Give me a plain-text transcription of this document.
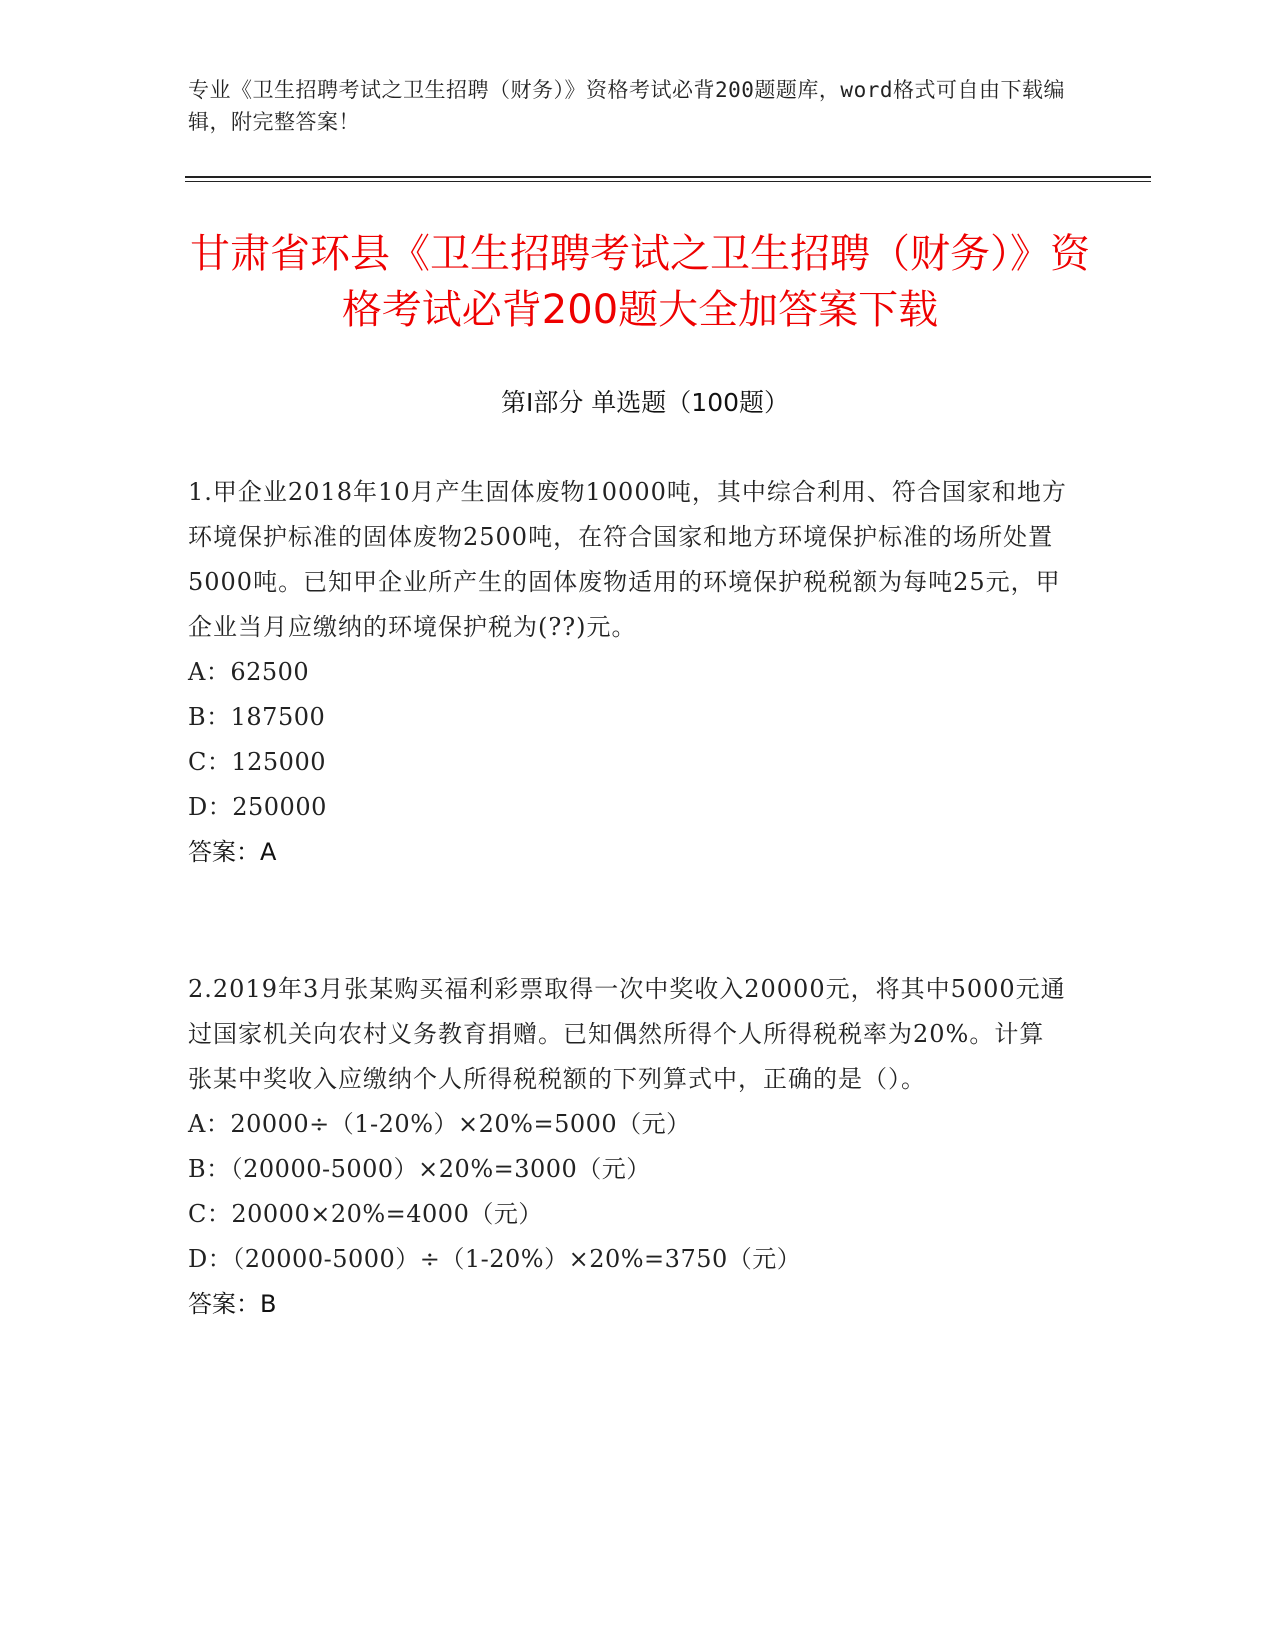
专业《卫生招聘考试之卫生招聘（财务）》资格考试必背200题题库，word格式可自由下载编辑，附完整答案！
甘肃省环县《卫生招聘考试之卫生招聘（财务）》资格考试必背200题大全加答案下载
第Ⅰ部分 单选题（100题）

1.甲企业2018年10月产生固体废物10000吨，其中综合利用、符合国家和地方环境保护标准的固体废物2500吨，在符合国家和地方环境保护标准的场所处置5000吨。已知甲企业所产生的固体废物适用的环境保护税税额为每吨25元，甲企业当月应缴纳的环境保护税为(??)元。

A：62500

B：187500

C：125000

D：250000

答案：A

2.2019年3月张某购买福利彩票取得一次中奖收入20000元，将其中5000元通过国家机关向农村义务教育捐赠。已知偶然所得个人所得税税率为20%。计算张某中奖收入应缴纳个人所得税税额的下列算式中，正确的是（）。

A：20000÷（1-20%）×20%=5000（元）

B：（20000-5000）×20%=3000（元）

C：20000×20%=4000（元）

D：（20000-5000）÷（1-20%）×20%=3750（元）

答案：B
